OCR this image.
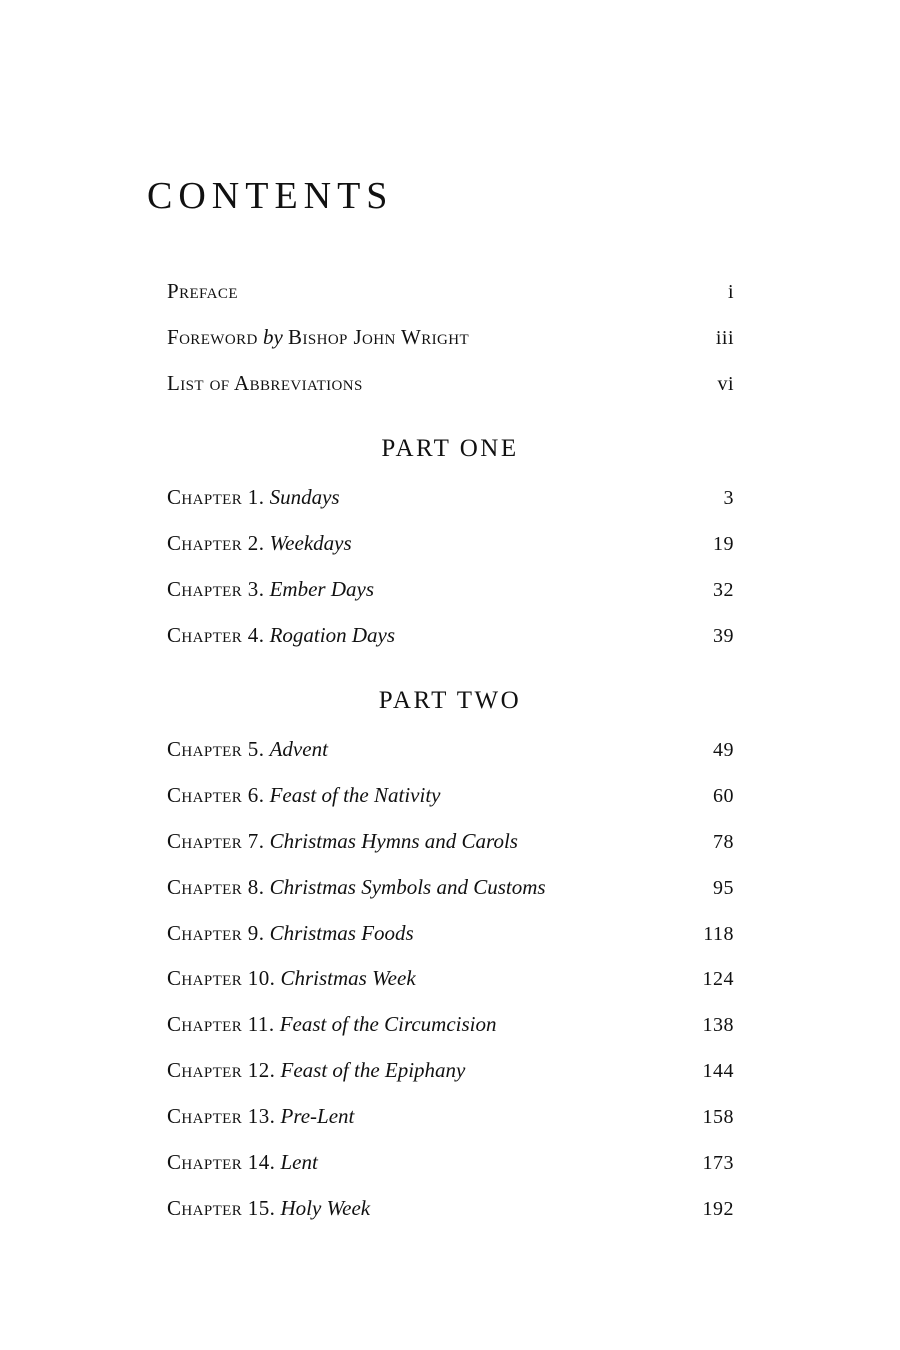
CONTENTS
Preface	i
Foreword by Bishop John Wright	iii
List of Abbreviations	vi
PART ONE
Chapter 1. Sundays	3
Chapter 2. Weekdays	19
Chapter 3. Ember Days	32
Chapter 4. Rogation Days	39
PART TWO
Chapter 5. Advent	49
Chapter 6. Feast of the Nativity	60
Chapter 7. Christmas Hymns and Carols	78
Chapter 8. Christmas Symbols and Customs	95
Chapter 9. Christmas Foods	118
Chapter 10. Christmas Week	124
Chapter 11. Feast of the Circumcision	138
Chapter 12. Feast of the Epiphany	144
Chapter 13. Pre-Lent	158
Chapter 14. Lent	173
Chapter 15. Holy Week	192
